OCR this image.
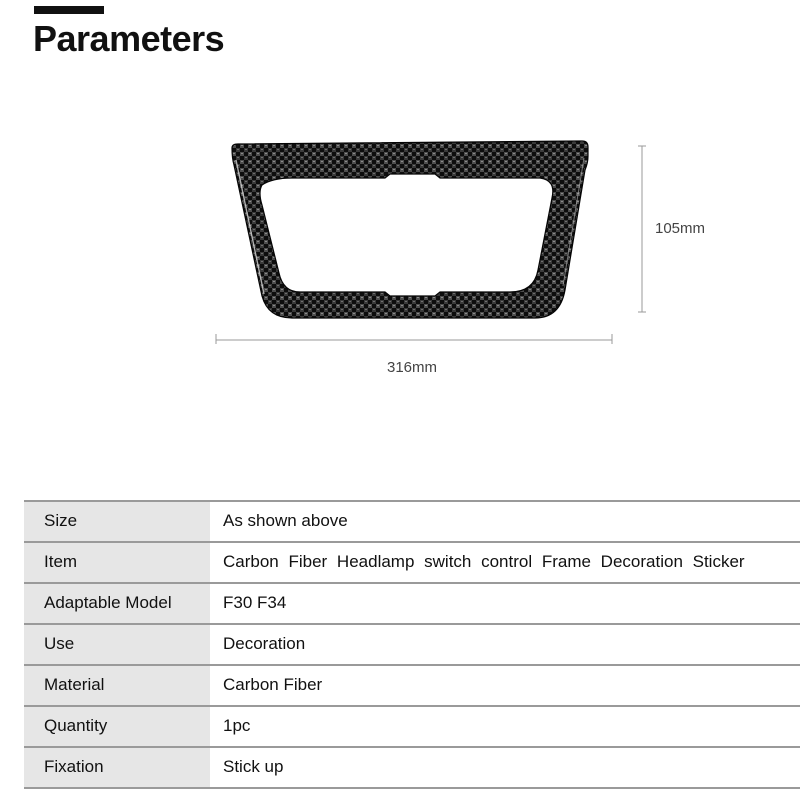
Parameters
105mm
316mm
Size	As shown above
Item	Carbon Fiber Headlamp switch control Frame Decoration Sticker
Adaptable Model	F30 F34
Use	Decoration
Material	Carbon Fiber
Quantity	1pc
Fixation	Stick up
